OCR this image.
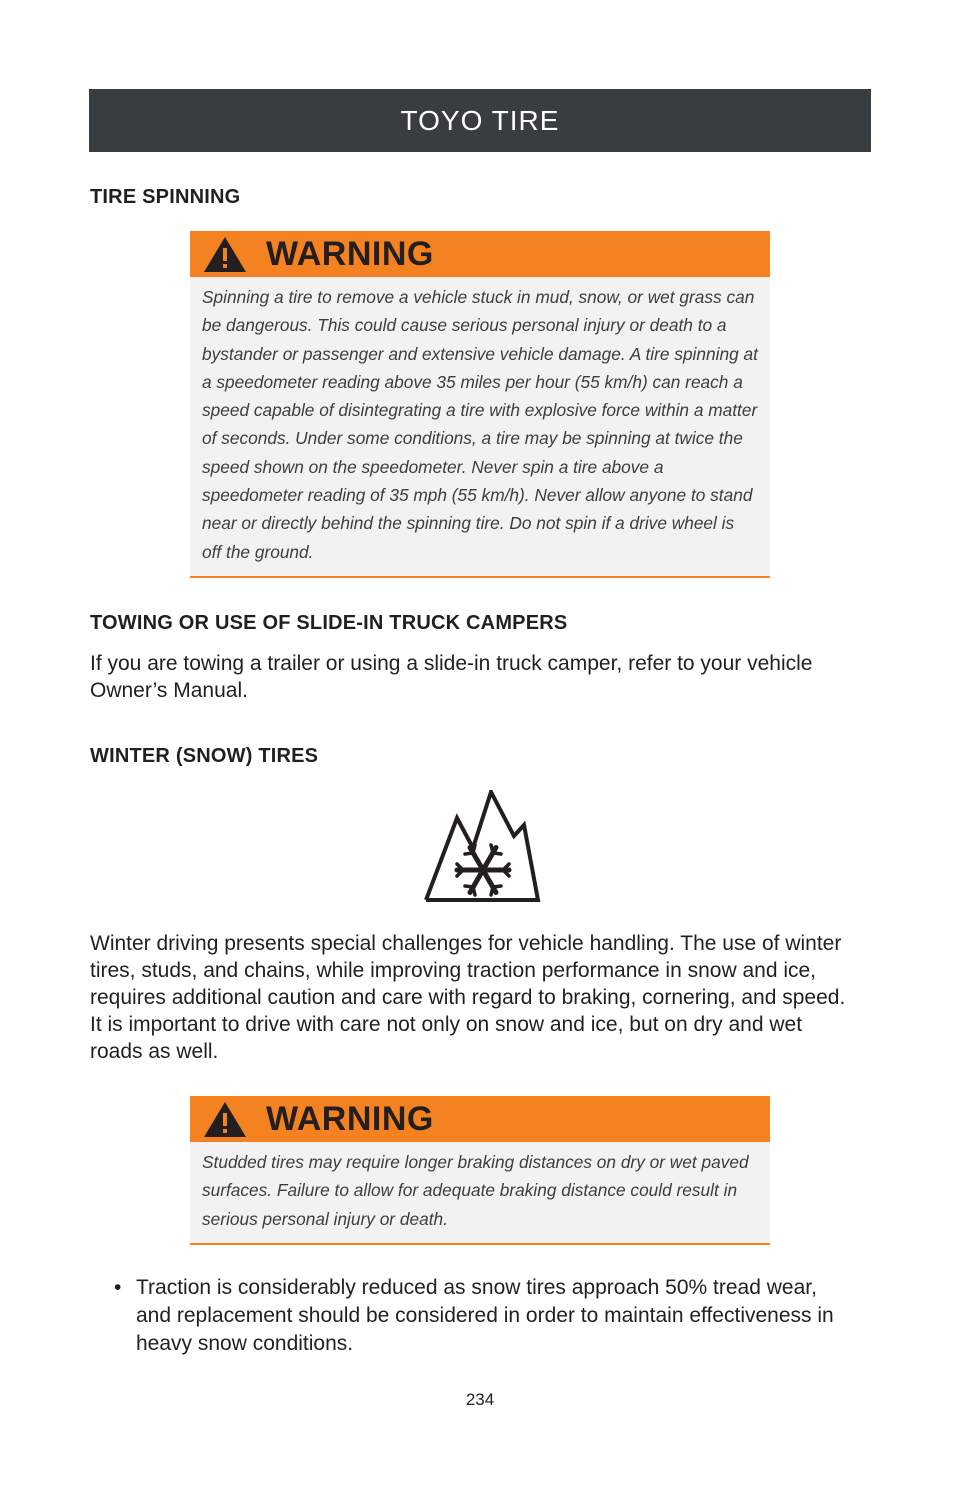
TOYO TIRE
TIRE SPINNING
TOWING OR USE OF SLIDE-IN TRUCK CAMPERS
If you are towing a trailer or using a slide-in truck camper, refer to your vehicle Owner’s Manual.
WINTER (SNOW) TIRES
Winter driving presents special challenges for vehicle handling. The use of winter tires, studs, and chains, while improving traction performance in snow and ice, requires additional caution and care with regard to braking, cornering, and speed. It is important to drive with care not only on snow and ice, but on dry and wet roads as well.
WARNING
Spinning a tire to remove a vehicle stuck in mud, snow, or wet grass can be dangerous. This could cause serious personal injury or death to a bystander or passenger and extensive vehicle damage. A tire spinning at a speedometer reading above 35 miles per hour (55 km/h) can reach a speed capable of disintegrating a tire with explosive force within a matter of seconds. Under some conditions, a tire may be spinning at twice the speed shown on the speedometer. Never spin a tire above a speedometer reading of 35 mph (55 km/h). Never allow anyone to stand near or directly behind the spinning tire. Do not spin if a drive wheel is off the ground.
WARNING
Studded tires may require longer braking distances on dry or wet paved surfaces. Failure to allow for adequate braking distance could result in serious personal injury or death.
• Traction is considerably reduced as snow tires approach 50% tread wear, and replacement should be considered in order to maintain effectiveness in heavy snow conditions.
234
